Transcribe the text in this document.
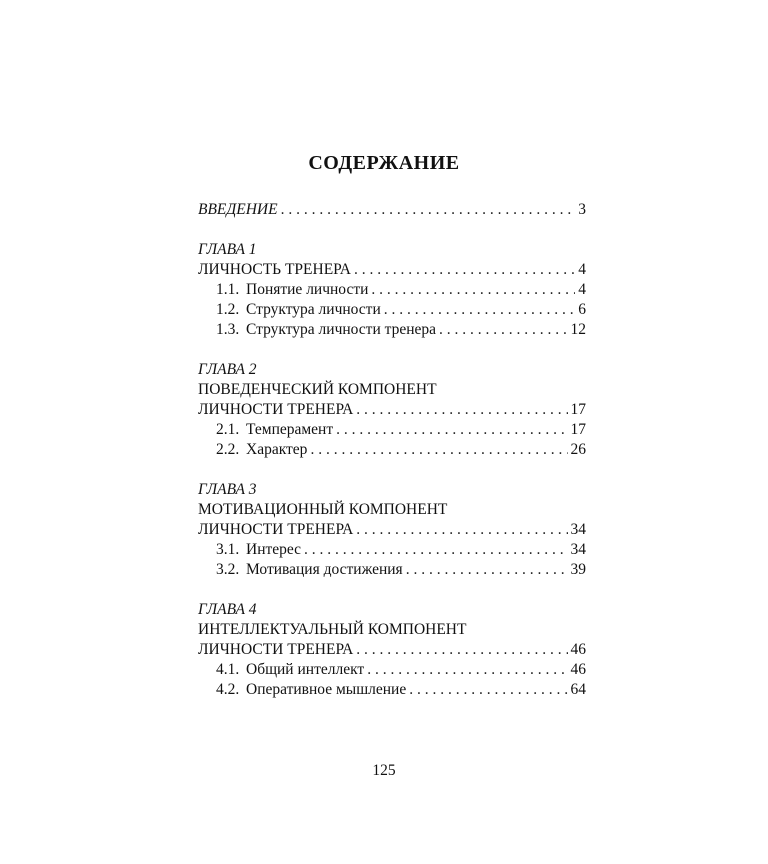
СОДЕРЖАНИЕ
ВВЕДЕНИЕ . . .	3
ГЛАВА 1
ЛИЧНОСТЬ ТРЕНЕРА . . .	4
1.1. Понятие личности . . .	4
1.2. Структура личности . . .	6
1.3. Структура личности тренера . . .	12
ГЛАВА 2
ПОВЕДЕНЧЕСКИЙ КОМПОНЕНТ
ЛИЧНОСТИ ТРЕНЕРА . . .	17
2.1. Темперамент . . .	17
2.2. Характер . . .	26
ГЛАВА 3
МОТИВАЦИОННЫЙ КОМПОНЕНТ
ЛИЧНОСТИ ТРЕНЕРА . . .	34
3.1. Интерес . . .	34
3.2. Мотивация достижения . . .	39
ГЛАВА 4
ИНТЕЛЛЕКТУАЛЬНЫЙ КОМПОНЕНТ
ЛИЧНОСТИ ТРЕНЕРА . . .	46
4.1. Общий интеллект . . .	46
4.2. Оперативное мышление . . .	64
125
